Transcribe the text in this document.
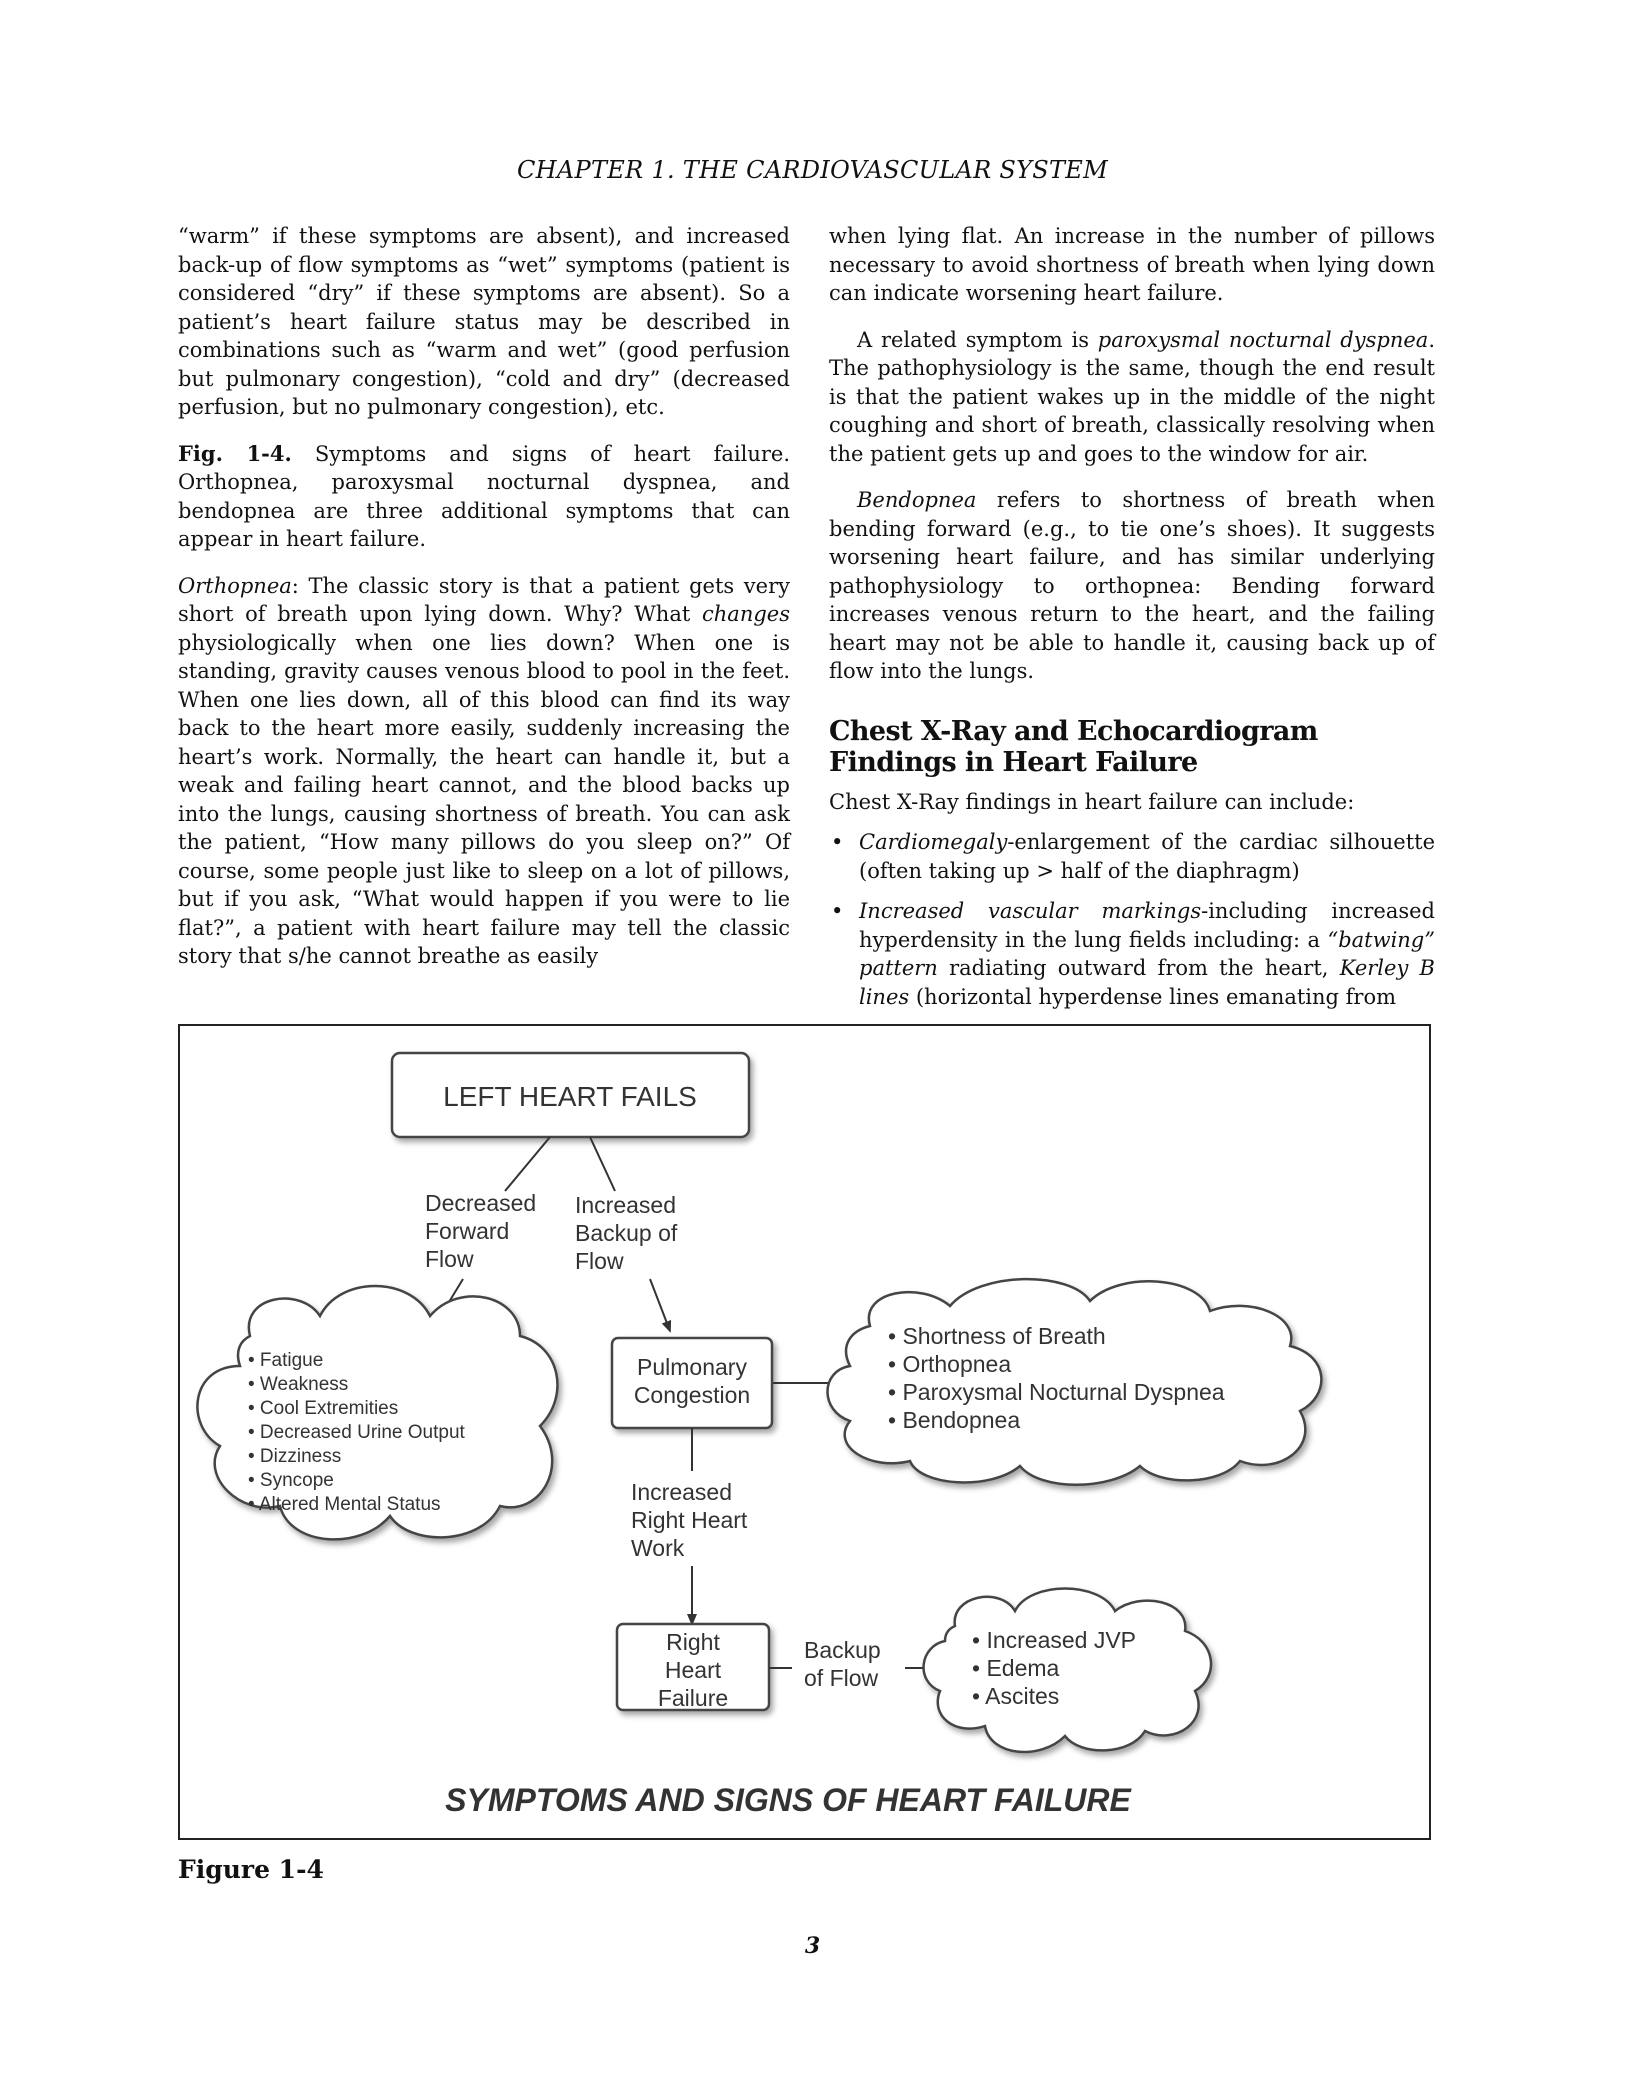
CHAPTER 1. THE CARDIOVASCULAR SYSTEM

“warm” if these symptoms are absent), and increased back-up of flow symptoms as “wet” symptoms (patient is considered “dry” if these symptoms are absent). So a patient’s heart failure status may be described in combinations such as “warm and wet” (good perfusion but pulmonary congestion), “cold and dry” (decreased perfusion, but no pulmonary congestion), etc.

Fig. 1-4. Symptoms and signs of heart failure. Orthopnea, paroxysmal nocturnal dyspnea, and bendopnea are three additional symptoms that can appear in heart failure.

Orthopnea: The classic story is that a patient gets very short of breath upon lying down. Why? What changes physiologically when one lies down? When one is standing, gravity causes venous blood to pool in the feet. When one lies down, all of this blood can find its way back to the heart more easily, suddenly increasing the heart’s work. Normally, the heart can handle it, but a weak and failing heart cannot, and the blood backs up into the lungs, causing shortness of breath. You can ask the patient, “How many pillows do you sleep on?” Of course, some people just like to sleep on a lot of pillows, but if you ask, “What would happen if you were to lie flat?”, a patient with heart failure may tell the classic story that s/he cannot breathe as easily

when lying flat. An increase in the number of pillows necessary to avoid shortness of breath when lying down can indicate worsening heart failure.

A related symptom is paroxysmal nocturnal dyspnea. The pathophysiology is the same, though the end result is that the patient wakes up in the middle of the night coughing and short of breath, classically resolving when the patient gets up and goes to the window for air.

Bendopnea refers to shortness of breath when bending forward (e.g., to tie one’s shoes). It suggests worsening heart failure, and has similar underlying pathophysiology to orthopnea: Bending forward increases venous return to the heart, and the failing heart may not be able to handle it, causing back up of flow into the lungs.

Chest X-Ray and Echocardiogram Findings in Heart Failure

Chest X-Ray findings in heart failure can include:

• Cardiomegaly-enlargement of the cardiac silhouette (often taking up > half of the diaphragm)
• Increased vascular markings-including increased hyperdensity in the lung fields including: a “batwing” pattern radiating outward from the heart, Kerley B lines (horizontal hyperdense lines emanating from
LEFT HEART FAILS
Decreased
Forward
Flow
Increased
Backup of
Flow
• Fatigue
• Weakness
• Cool Extremities
• Decreased Urine Output
• Dizziness
• Syncope
• Altered Mental Status
Pulmonary
Congestion
• Shortness of Breath
• Orthopnea
• Paroxysmal Nocturnal Dyspnea
• Bendopnea
Increased
Right Heart
Work
Right
Heart
Failure
Backup
of Flow
• Increased JVP
• Edema
• Ascites
SYMPTOMS AND SIGNS OF HEART FAILURE
Figure 1-4
3
